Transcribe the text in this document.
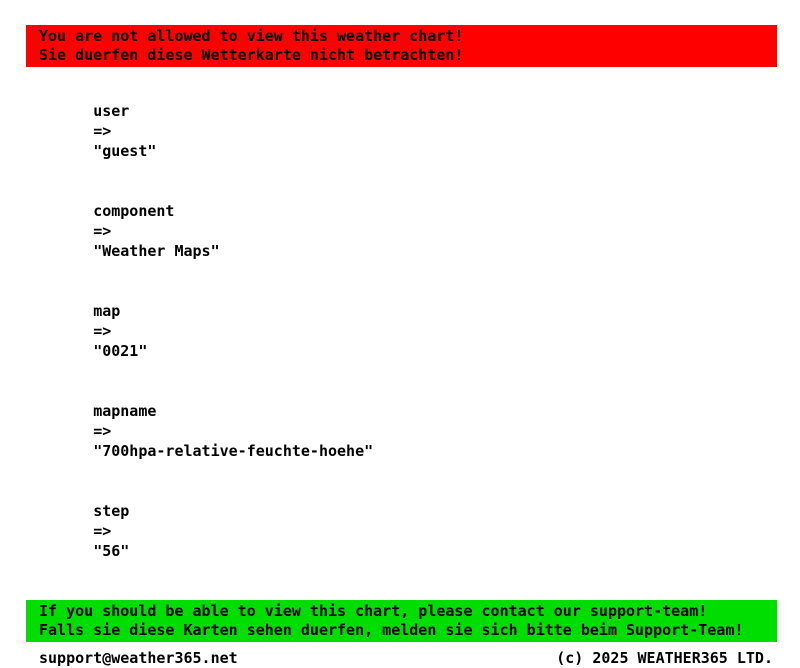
You are not allowed to view this weather chart!
Sie duerfen diese Wetterkarte nicht betrachten!

user
=>
"guest"

component
=>
"Weather Maps"

map
=>
"0021"

mapname
=>
"700hpa-relative-feuchte-hoehe"

step
=>
"56"

If you should be able to view this chart, please contact our support-team!
Falls sie diese Karten sehen duerfen, melden sie sich bitte beim Support-Team!
support@weather365.net	(c) 2025 WEATHER365 LTD.
